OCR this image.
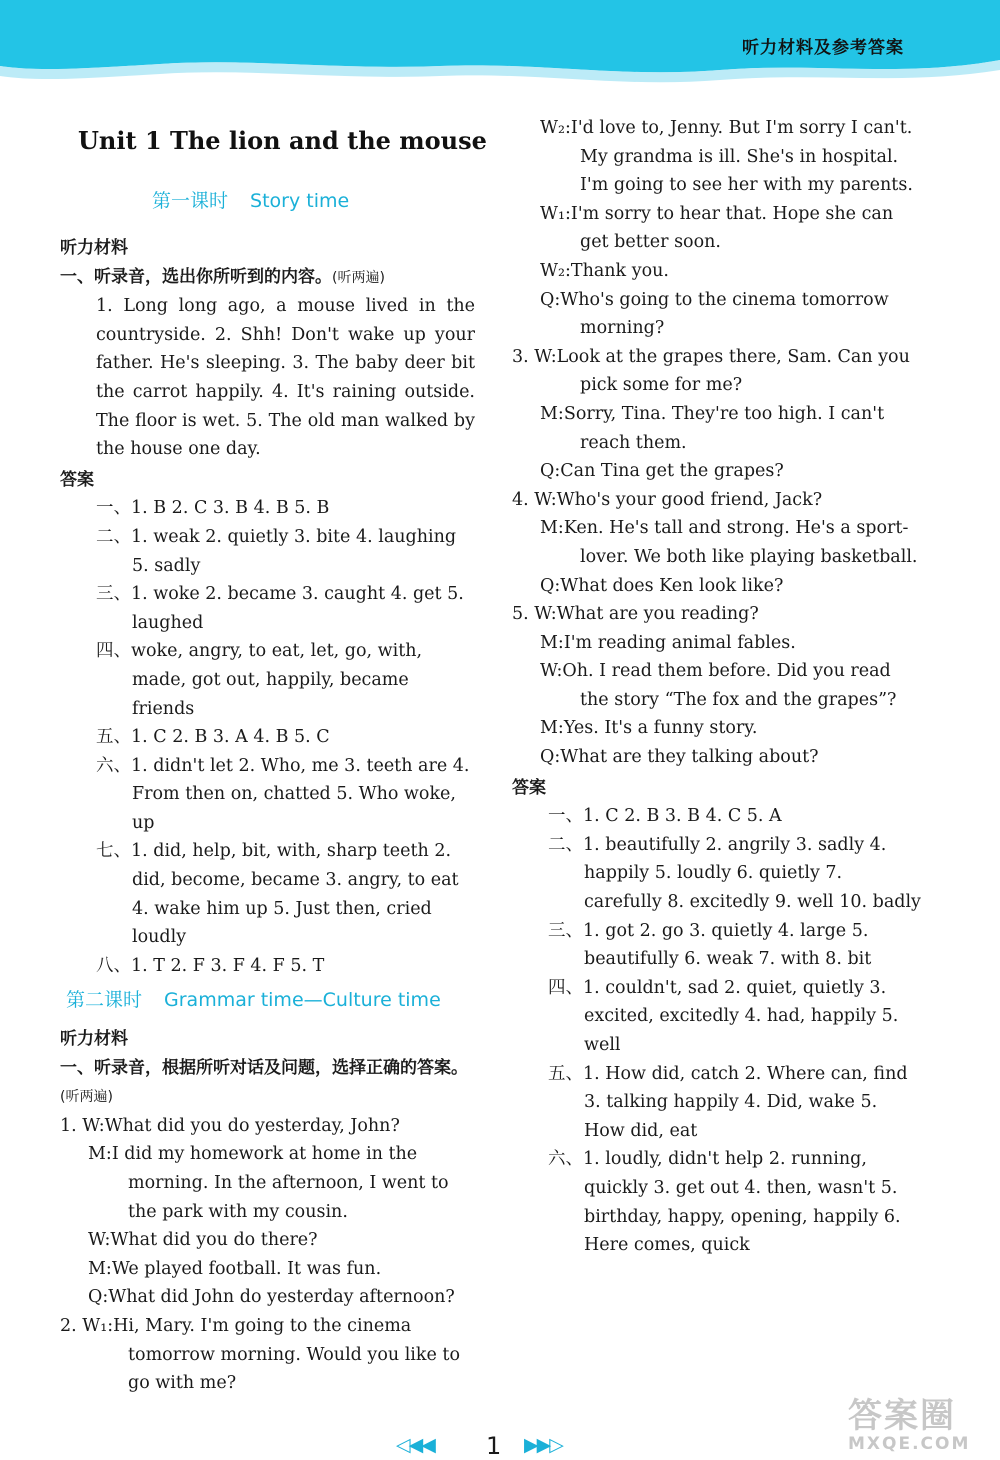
听力材料及参考答案
Unit 1 The lion and the mouse
第一课时 Story time
听力材料
一、听录音，选出你所听到的内容。(听两遍)
1. Long long ago, a mouse lived in the countryside. 2. Shh! Don't wake up your father. He's sleeping. 3. The baby deer bit the carrot happily. 4. It's raining outside. The floor is wet. 5. The old man walked by the house one day.
答案
一、1. B 2. C 3. B 4. B 5. B
二、1. weak 2. quietly 3. bite 4. laughing 5. sadly
三、1. woke 2. became 3. caught 4. get 5. laughed
四、woke, angry, to eat, let, go, with, made, got out, happily, became friends
五、1. C 2. B 3. A 4. B 5. C
六、1. didn't let 2. Who, me 3. teeth are 4. From then on, chatted 5. Who woke, up
七、1. did, help, bit, with, sharp teeth 2. did, become, became 3. angry, to eat 4. wake him up 5. Just then, cried loudly
八、1. T 2. F 3. F 4. F 5. T
第二课时 Grammar time—Culture time
听力材料
一、听录音，根据所听对话及问题，选择正确的答案。(听两遍)
1. W:What did you do yesterday, John?
M:I did my homework at home in the morning. In the afternoon, I went to the park with my cousin.
W:What did you do there?
M:We played football. It was fun.
Q:What did John do yesterday afternoon?
2. W₁:Hi, Mary. I'm going to the cinema tomorrow morning. Would you like to go with me?
W₂:I'd love to, Jenny. But I'm sorry I can't. My grandma is ill. She's in hospital. I'm going to see her with my parents.
W₁:I'm sorry to hear that. Hope she can get better soon.
W₂:Thank you.
Q:Who's going to the cinema tomorrow morning?
3. W:Look at the grapes there, Sam. Can you pick some for me?
M:Sorry, Tina. They're too high. I can't reach them.
Q:Can Tina get the grapes?
4. W:Who's your good friend, Jack?
M:Ken. He's tall and strong. He's a sport-lover. We both like playing basketball.
Q:What does Ken look like?
5. W:What are you reading?
M:I'm reading animal fables.
W:Oh. I read them before. Did you read the story “The fox and the grapes”?
M:Yes. It's a funny story.
Q:What are they talking about?
答案
一、1. C 2. B 3. B 4. C 5. A
二、1. beautifully 2. angrily 3. sadly 4. happily 5. loudly 6. quietly 7. carefully 8. excitedly 9. well 10. badly
三、1. got 2. go 3. quietly 4. large 5. beautifully 6. weak 7. with 8. bit
四、1. couldn't, sad 2. quiet, quietly 3. excited, excitedly 4. had, happily 5. well
五、1. How did, catch 2. Where can, find 3. talking happily 4. Did, wake 5. How did, eat
六、1. loudly, didn't help 2. running, quickly 3. get out 4. then, wasn't 5. birthday, happy, opening, happily 6. Here comes, quick
◁◀◀ 1 ▶▶▷
答案圈
MXQE.COM
